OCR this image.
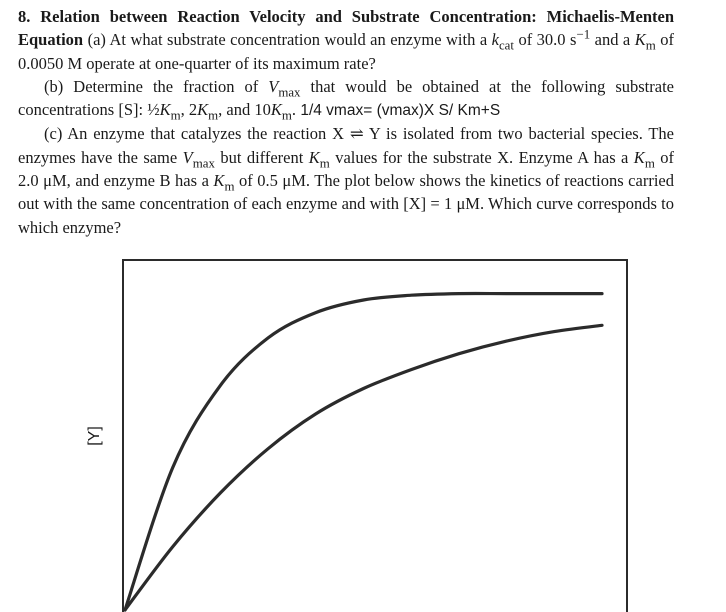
8. Relation between Reaction Velocity and Substrate Concentration: Michaelis-Menten Equation (a) At what substrate concentration would an enzyme with a $k_{cat}$ of 30.0 $s^{-1}$ and a $K_m$ of 0.0050 M operate at one-quarter of its maximum rate?

(b) Determine the fraction of $V_{max}$ that would be obtained at the following substrate concentrations [S]: $\frac{1}{2}K_m$, $2K_m$, and $10K_m$. 1/4 vmax= (vmax)X S/ Km+S

(c) An enzyme that catalyzes the reaction X ⇌ Y is isolated from two bacterial species. The enzymes have the same $V_{max}$ but different $K_m$ values for the substrate X. Enzyme A has a $K_m$ of 2.0 μM, and enzyme B has a $K_m$ of 0.5 μM. The plot below shows the kinetics of reactions carried out with the same concentration of each enzyme and with [X] = 1 μM. Which curve corresponds to which enzyme?

[Y]
